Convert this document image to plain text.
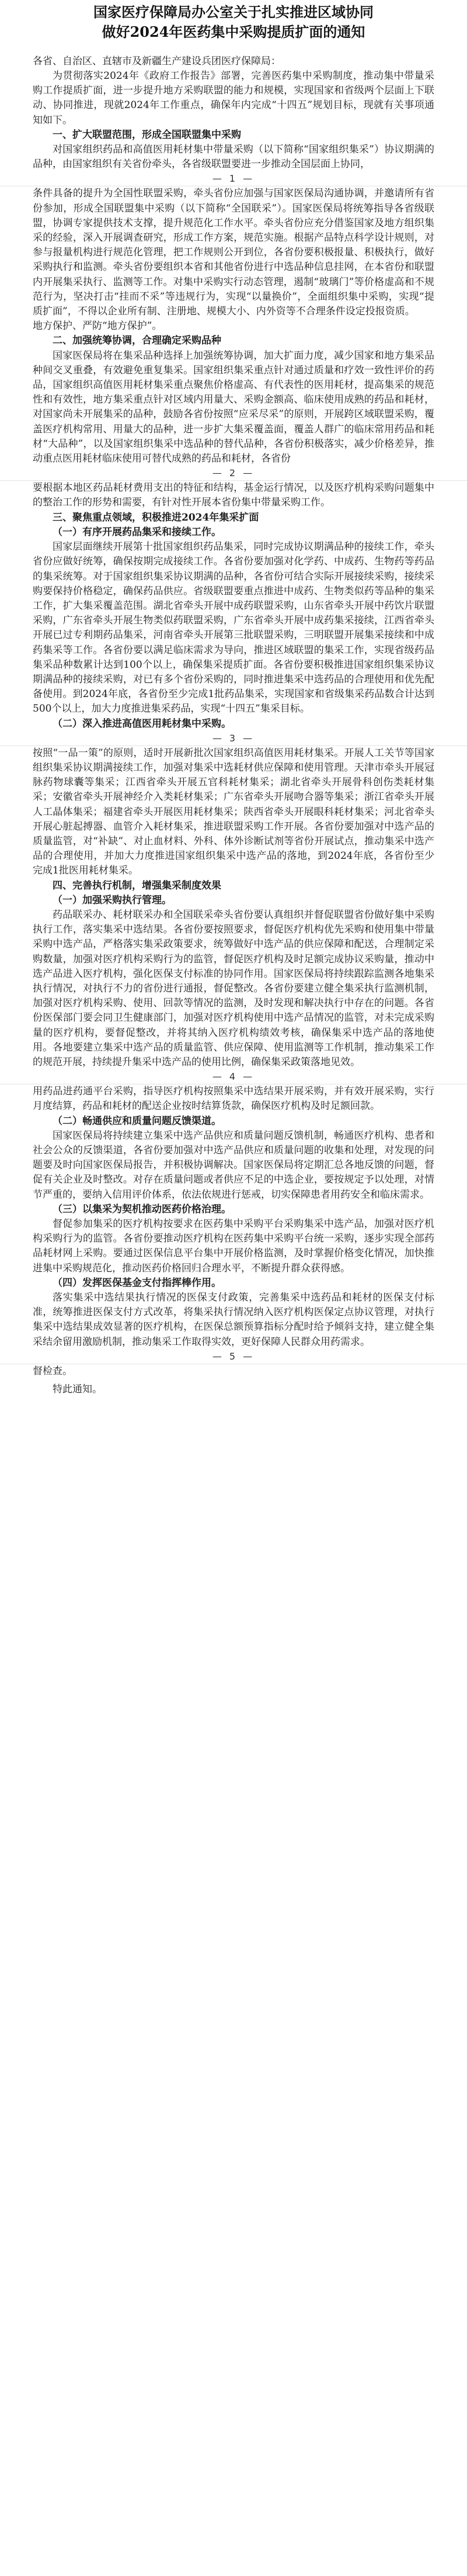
国家医疗保障局办公室关于扎实推进区域协同
做好2024年医药集中采购提质扩面的通知
各省、自治区、直辖市及新疆生产建设兵团医疗保障局：

为贯彻落实2024年《政府工作报告》部署，完善医药集中采购制度，推动集中带量采购工作提质扩面，进一步提升地方采购联盟的能力和规模，实现国家和省级两个层面上下联动、协同推进，现就2024年工作重点，确保年内完成“十四五”规划目标，现就有关事项通知如下。

一、扩大联盟范围，形成全国联盟集中采购

对国家组织药品和高值医用耗材集中带量采购（以下简称“国家组织集采”）协议期满的品种，由国家组织有关省份牵头，各省级联盟要进一步推动全国层面上协同，

— 1 —

条件具备的提升为全国性联盟采购，牵头省份应加强与国家医保局沟通协调，并邀请所有省份参加，形成全国联盟集中采购（以下简称“全国联采”）。国家医保局将统筹指导各省级联盟，协调专家提供技术支撑，提升规范化工作水平。牵头省份应充分借鉴国家及地方组织集采的经验，深入开展调查研究，形成工作方案，规范实施。根据产品特点科学设计规则，对参与报量机构进行规范化管理，把工作规则公开到位，各省份要积极报量、积极执行，做好采购执行和监测。牵头省份要组织本省和其他省份进行中选品种信息挂网，在本省份和联盟内开展集采执行、监测等工作。对集中采购实行动态管理，遏制“玻璃门”等价格虚高和不规范行为，坚决打击“挂而不采”等违规行为，实现“以量换价”，全面组织集中采购，实现“提质扩面”，不得以企业所有制、注册地、规模大小、内外资等不合理条件设定投报资质。

地方保护、严防“地方保护”。

二、加强统筹协调，合理确定采购品种

国家医保局将在集采品种选择上加强统筹协调，加大扩面力度，减少国家和地方集采品种间交叉重叠，有效避免重复集采。国家组织集采重点针对通过质量和疗效一致性评价的药品，国家组织高值医用耗材集采重点聚焦价格虚高、有代表性的医用耗材，提高集采的规范性和有效性，地方集采重点针对区域内用量大、采购金额高、临床使用成熟的药品和耗材，对国家尚未开展集采的品种，鼓励各省份按照“应采尽采”的原则，开展跨区域联盟采购，覆盖医疗机构常用、用量大的品种，进一步扩大集采覆盖面，覆盖人群广的临床常用药品和耗材“大品种”，以及国家组织集采中选品种的替代品种，各省份积极落实，减少价格差异，推动重点医用耗材临床使用可替代成熟的药品和耗材，各省份

— 2 —

要根据本地区药品耗材费用支出的特征和结构，基金运行情况，以及医疗机构采购问题集中的整治工作的形势和需要，有针对性开展本省份集中带量采购工作。

三、聚焦重点领域，积极推进2024年集采扩面

（一）有序开展药品集采和接续工作。

国家层面继续开展第十批国家组织药品集采，同时完成协议期满品种的接续工作，牵头省份应做好统筹，确保按期完成接续工作。各省份要加强对化学药、中成药、生物药等药品的集采统筹。对于国家组织集采协议期满的品种，各省份可结合实际开展接续采购，接续采购要保持价格稳定，确保药品供应。省级联盟要重点推进中成药、生物类似药等品种的集采工作，扩大集采覆盖范围。湖北省牵头开展中成药联盟采购，山东省牵头开展中药饮片联盟采购，广东省牵头开展生物类似药联盟采购，广东省牵头开展中成药集采接续，江西省牵头开展已过专利期药品集采，河南省牵头开展第三批联盟采购，三明联盟开展集采接续和中成药集采等工作。各省份要以满足临床需求为导向，推进区域联盟的集采工作，实现省级药品集采品种数累计达到100个以上，确保集采提质扩面。各省份要积极推进国家组织集采协议期满品种的接续采购，对已有多个省份采购的，同时推进集采中选药品的合理使用和优先配备使用。到2024年底，各省份至少完成1批药品集采，实现国家和省级集采药品数合计达到500个以上，加大力度推进集采药品，实现“十四五”集采目标。

（二）深入推进高值医用耗材集中采购。

— 3 —

按照“一品一策”的原则，适时开展新批次国家组织高值医用耗材集采。开展人工关节等国家组织集采协议期满接续工作，加强对集采中选耗材供应保障和使用管理。天津市牵头开展冠脉药物球囊等集采；江西省牵头开展五官科耗材集采；湖北省牵头开展骨科创伤类耗材集采；安徽省牵头开展神经介入类耗材集采；广东省牵头开展吻合器等集采；浙江省牵头开展人工晶体集采；福建省牵头开展医用耗材集采；陕西省牵头开展眼科耗材集采；河北省牵头开展心脏起搏器、血管介入耗材集采，推进联盟采购工作开展。各省份要加强对中选产品的质量监管，对“补缺”、对止血材料、外科、体外诊断试剂等省份开展试点，推动集采中选产品的合理使用，并加大力度推进国家组织集采中选产品的落地，到2024年底，各省份至少完成1批医用耗材集采。

四、完善执行机制，增强集采制度效果

（一）加强采购执行管理。

药品联采办、耗材联采办和全国联采牵头省份要认真组织并督促联盟省份做好集中采购执行工作，落实集采中选结果。各省份要按照要求，督促医疗机构优先采购和使用集中带量采购中选产品，严格落实集采政策要求，统筹做好中选产品的供应保障和配送，合理制定采购数量，加强对医疗机构采购行为的监管，督促医疗机构及时足额完成协议采购量，推动中选产品进入医疗机构，强化医保支付标准的协同作用。国家医保局将持续跟踪监测各地集采执行情况，对执行不力的省份进行通报，督促整改。各省份要建立健全集采执行监测机制，加强对医疗机构采购、使用、回款等情况的监测，及时发现和解决执行中存在的问题。各省份医保部门要会同卫生健康部门，加强对医疗机构使用中选产品情况的监管，对未完成采购量的医疗机构，要督促整改，并将其纳入医疗机构绩效考核，确保集采中选产品的落地使用。各地要建立集采中选产品的质量监管、供应保障、使用监测等工作机制，推动集采工作的规范开展，持续提升集采中选产品的使用比例，确保集采政策落地见效。

— 4 —

用药品进药通平台采购，指导医疗机构按照集采中选结果开展采购，并有效开展采购，实行月度结算，药品和耗材的配送企业按时结算货款，确保医疗机构及时足额回款。

（二）畅通供应和质量问题反馈渠道。

国家医保局将持续建立集采中选产品供应和质量问题反馈机制，畅通医疗机构、患者和社会公众的反馈渠道，各省份要加强对中选产品供应和质量问题的收集和处理，对发现的问题要及时向国家医保局报告，并积极协调解决。国家医保局将定期汇总各地反馈的问题，督促有关企业及时整改。对存在质量问题或者供应不足的中选企业，要按规定予以处理，对情节严重的，要纳入信用评价体系，依法依规进行惩戒，切实保障患者用药安全和临床需求。

（三）以集采为契机推动医药价格治理。

督促参加集采的医疗机构按要求在医药集中采购平台采购集采中选产品，加强对医疗机构采购行为的监管。各省份要推动医疗机构在医药集中采购平台统一采购，逐步实现全部药品耗材网上采购。要通过医保信息平台集中开展价格监测，及时掌握价格变化情况，加快推进集中采购规范化，推动医药价格回归合理水平，不断提升群众获得感。

（四）发挥医保基金支付指挥棒作用。

落实集采中选结果执行情况的医保支付政策，完善集采中选药品和耗材的医保支付标准，统筹推进医保支付方式改革，将集采执行情况纳入医疗机构医保定点协议管理，对执行集采中选结果成效显著的医疗机构，在医保总额预算指标分配时给予倾斜支持，建立健全集采结余留用激励机制，推动集采工作取得实效，更好保障人民群众用药需求。

— 5 —

督检查。

特此通知。
